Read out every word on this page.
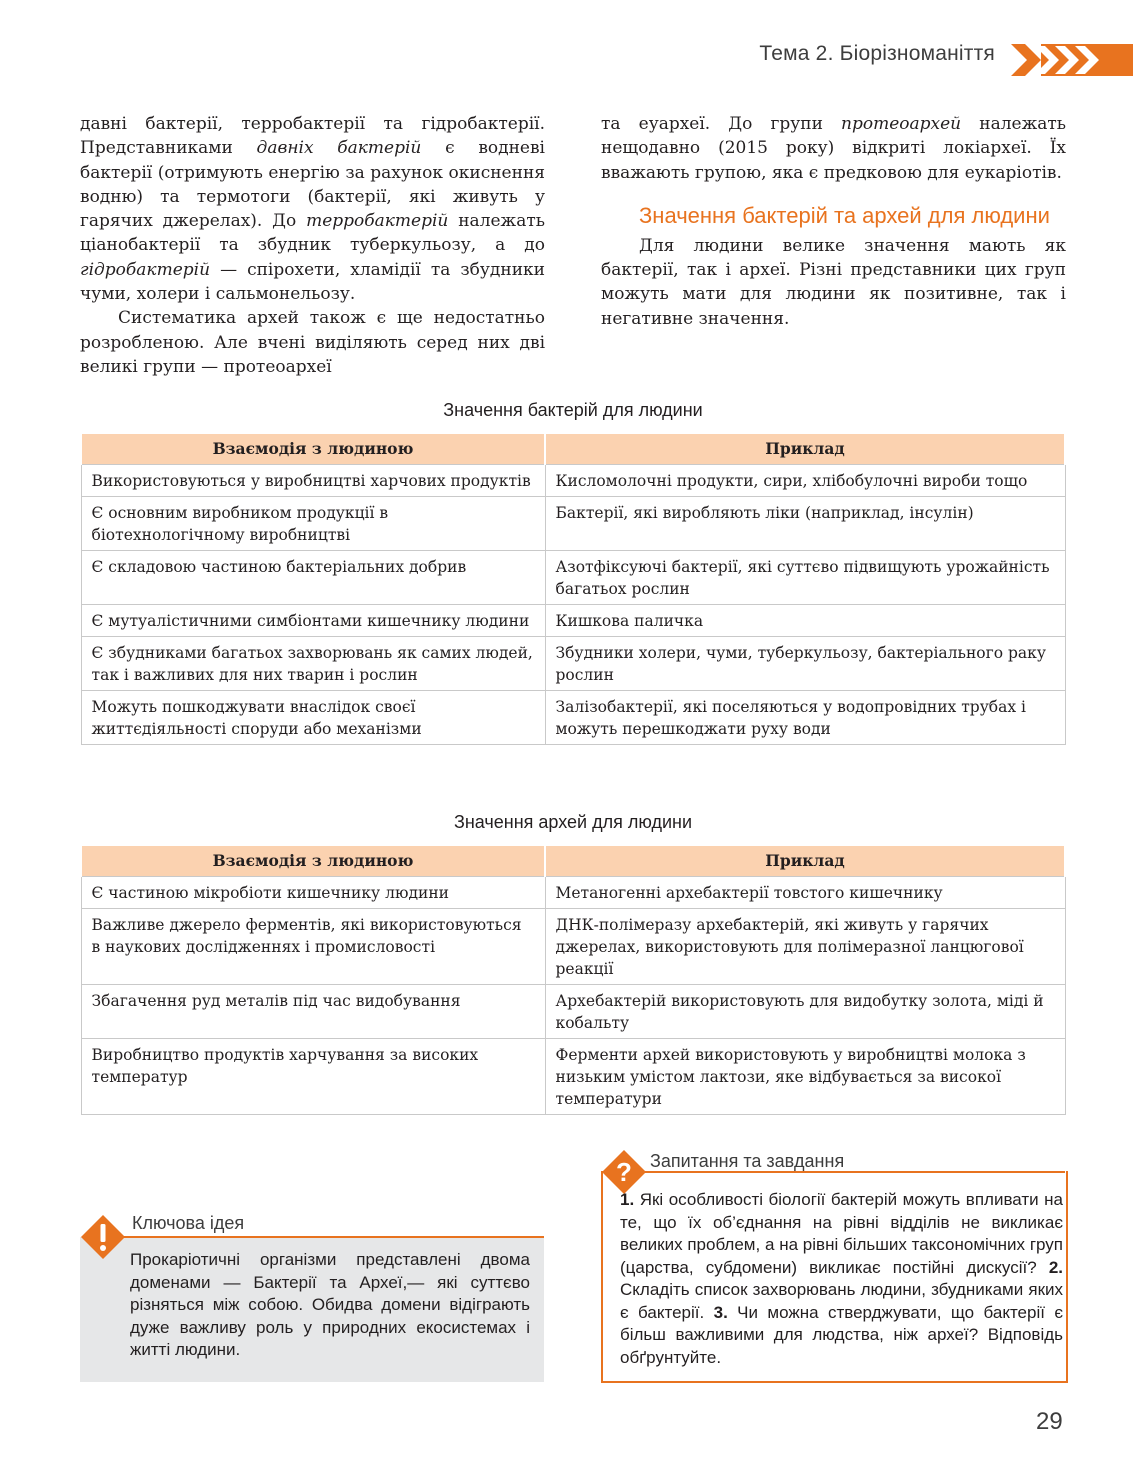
Тема 2. Біорізноманіття

давні бактерії, терробактерії та гідробактерії. Представниками давніх бактерій є водневі бактерії (отримують енергію за рахунок окиснення водню) та термотоги (бактерії, які живуть у гарячих джерелах). До терробактерій належать ціанобактерії та збудник туберкульозу, а до гідробактерій — спірохети, хламідії та збудники чуми, холери і сальмонельозу.

Систематика архей також є ще недостатньо розробленою. Але вчені виділяють серед них дві великі групи — протеоархеї

та еуархеї. До групи протеоархей належать нещодавно (2015 року) відкриті локіархеї. Їх вважають групою, яка є предковою для еукаріотів.

Значення бактерій та архей для людини

Для людини велике значення мають як бактерії, так і археї. Різні представники цих груп можуть мати для людини як позитивне, так і негативне значення.

Значення бактерій для людини
Взаємодія з людиною	Приклад
Використовуються у виробництві харчових продуктів	Кисломолочні продукти, сири, хлібобулочні вироби тощо
Є основним виробником продукції в біотехнологічному виробництві	Бактерії, які виробляють ліки (наприклад, інсулін)
Є складовою частиною бактеріальних добрив	Азотфіксуючі бактерії, які суттєво підвищують урожайність багатьох рослин
Є мутуалістичними симбіонтами кишечнику людини	Кишкова паличка
Є збудниками багатьох захворювань як самих людей, так і важливих для них тварин і рослин	Збудники холери, чуми, туберкульозу, бактеріального раку рослин
Можуть пошкоджувати внаслідок своєї життєдіяльності споруди або механізми	Залізобактерії, які поселяються у водопровідних трубах і можуть перешкоджати руху води
Значення архей для людини
Взаємодія з людиною	Приклад
Є частиною мікробіоти кишечнику людини	Метаногенні архебактерії товстого кишечнику
Важливе джерело ферментів, які використовуються в наукових дослідженнях і промисловості	ДНК-полімеразу архебактерій, які живуть у гарячих джерелах, використовують для полімеразної ланцюгової реакції
Збагачення руд металів під час видобування	Архебактерій використовують для видобутку золота, міді й кобальту
Виробництво продуктів харчування за високих температур	Ферменти архей використовують у виробництві молока з низьким умістом лактози, яке відбувається за високої температури
Прокаріотичні організми представлені двома доменами — Бактерії та Археї,— які суттєво різняться між собою. Обидва домени відіграють дуже важливу роль у природних екосистемах і житті людини.
Ключова ідея
Запитання та завдання
?
1. Які особливості біології бактерій можуть впливати на те, що їх об’єднання на рівні відділів не викликає великих проблем, а на рівні більших таксономічних груп (царства, субдомени) викликає постійні дискусії? 2. Складіть список захворювань людини, збудниками яких є бактерії. 3. Чи можна стверджувати, що бактерії є більш важливими для людства, ніж археї? Відповідь обґрунтуйте.
29
